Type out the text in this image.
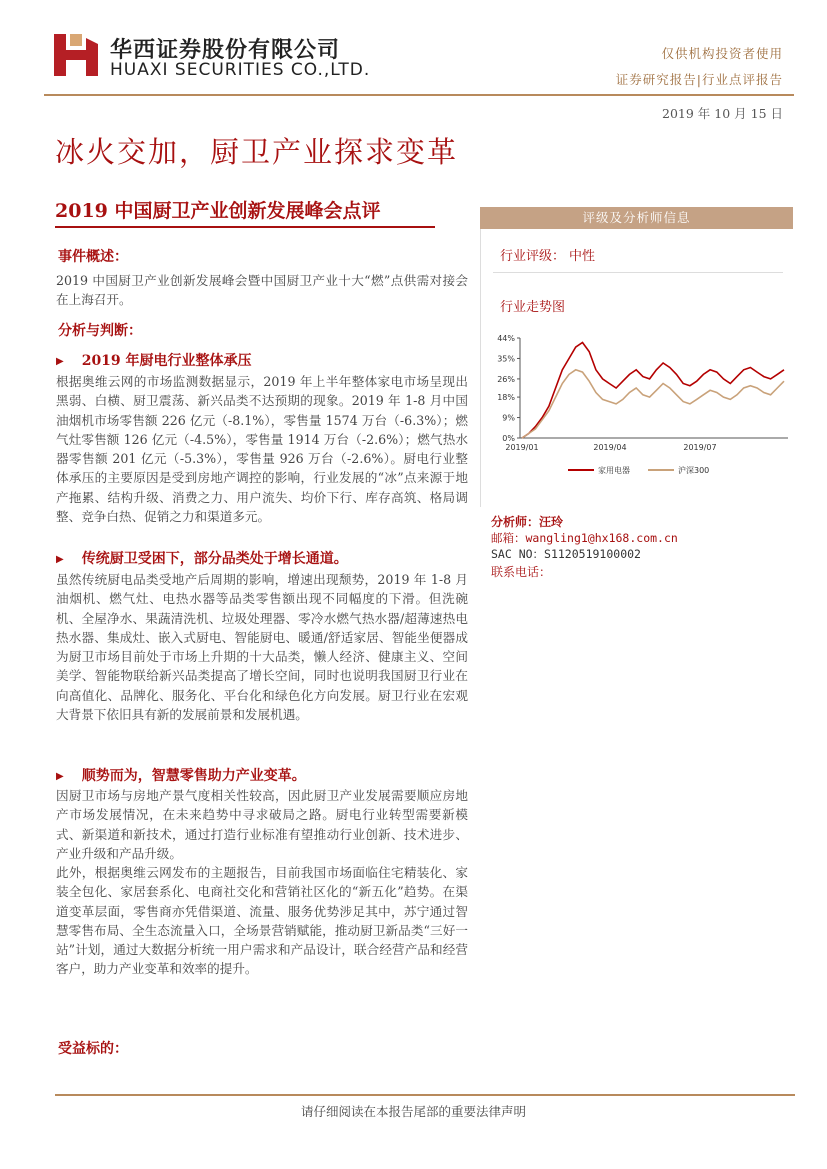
华西证券股份有限公司
HUAXI SECURITIES CO.,LTD.
仅供机构投资者使用
证券研究报告|行业点评报告
2019 年 10 月 15 日
冰火交加，厨卫产业探求变革
2019 中国厨卫产业创新发展峰会点评
事件概述：
2019 中国厨卫产业创新发展峰会暨中国厨卫产业十大“燃”点供需对接会在上海召开。
分析与判断：
▶ 2019 年厨电行业整体承压
根据奥维云网的市场监测数据显示，2019 年上半年整体家电市场呈现出黑弱、白横、厨卫震荡、新兴品类不达预期的现象。2019 年 1-8 月中国油烟机市场零售额 226 亿元（-8.1%），零售量 1574 万台（-6.3%）；燃气灶零售额 126 亿元（-4.5%），零售量 1914 万台（-2.6%）；燃气热水器零售额 201 亿元（-5.3%），零售量 926 万台（-2.6%）。厨电行业整体承压的主要原因是受到房地产调控的影响，行业发展的“冰”点来源于地产拖累、结构升级、消费之力、用户流失、均价下行、库存高筑、格局调整、竞争白热、促销之力和渠道多元。
▶ 传统厨卫受困下，部分品类处于增长通道。
虽然传统厨电品类受地产后周期的影响，增速出现颓势，2019 年 1-8 月油烟机、燃气灶、电热水器等品类零售额出现不同幅度的下滑。但洗碗机、全屋净水、果蔬清洗机、垃圾处理器、零冷水燃气热水器/超薄速热电热水器、集成灶、嵌入式厨电、智能厨电、暖通/舒适家居、智能坐便器成为厨卫市场目前处于市场上升期的十大品类，懒人经济、健康主义、空间美学、智能物联给新兴品类提高了增长空间，同时也说明我国厨卫行业在向高值化、品牌化、服务化、平台化和绿色化方向发展。厨卫行业在宏观大背景下依旧具有新的发展前景和发展机遇。
▶ 顺势而为，智慧零售助力产业变革。
因厨卫市场与房地产景气度相关性较高，因此厨卫产业发展需要顺应房地产市场发展情况，在未来趋势中寻求破局之路。厨电行业转型需要新模式、新渠道和新技术，通过打造行业标准有望推动行业创新、技术进步、产业升级和产品升级。
此外，根据奥维云网发布的主题报告，目前我国市场面临住宅精装化、家装全包化、家居套系化、电商社交化和营销社区化的“新五化”趋势。在渠道变革层面，零售商亦凭借渠道、流量、服务优势涉足其中，苏宁通过智慧零售布局、全生态流量入口，全场景营销赋能，推动厨卫新品类“三好一站”计划，通过大数据分析统一用户需求和产品设计，联合经营产品和经营客户，助力产业变革和效率的提升。
受益标的：
评级及分析师信息
行业评级： 中性
行业走势图
0%
9%
18%
26%
35%
44%
2019/01	2019/04	2019/07
家用电器	沪深300
分析师：汪玲
邮箱：wangling1@hx168.com.cn
SAC NO：S1120519100002
联系电话：
请仔细阅读在本报告尾部的重要法律声明
